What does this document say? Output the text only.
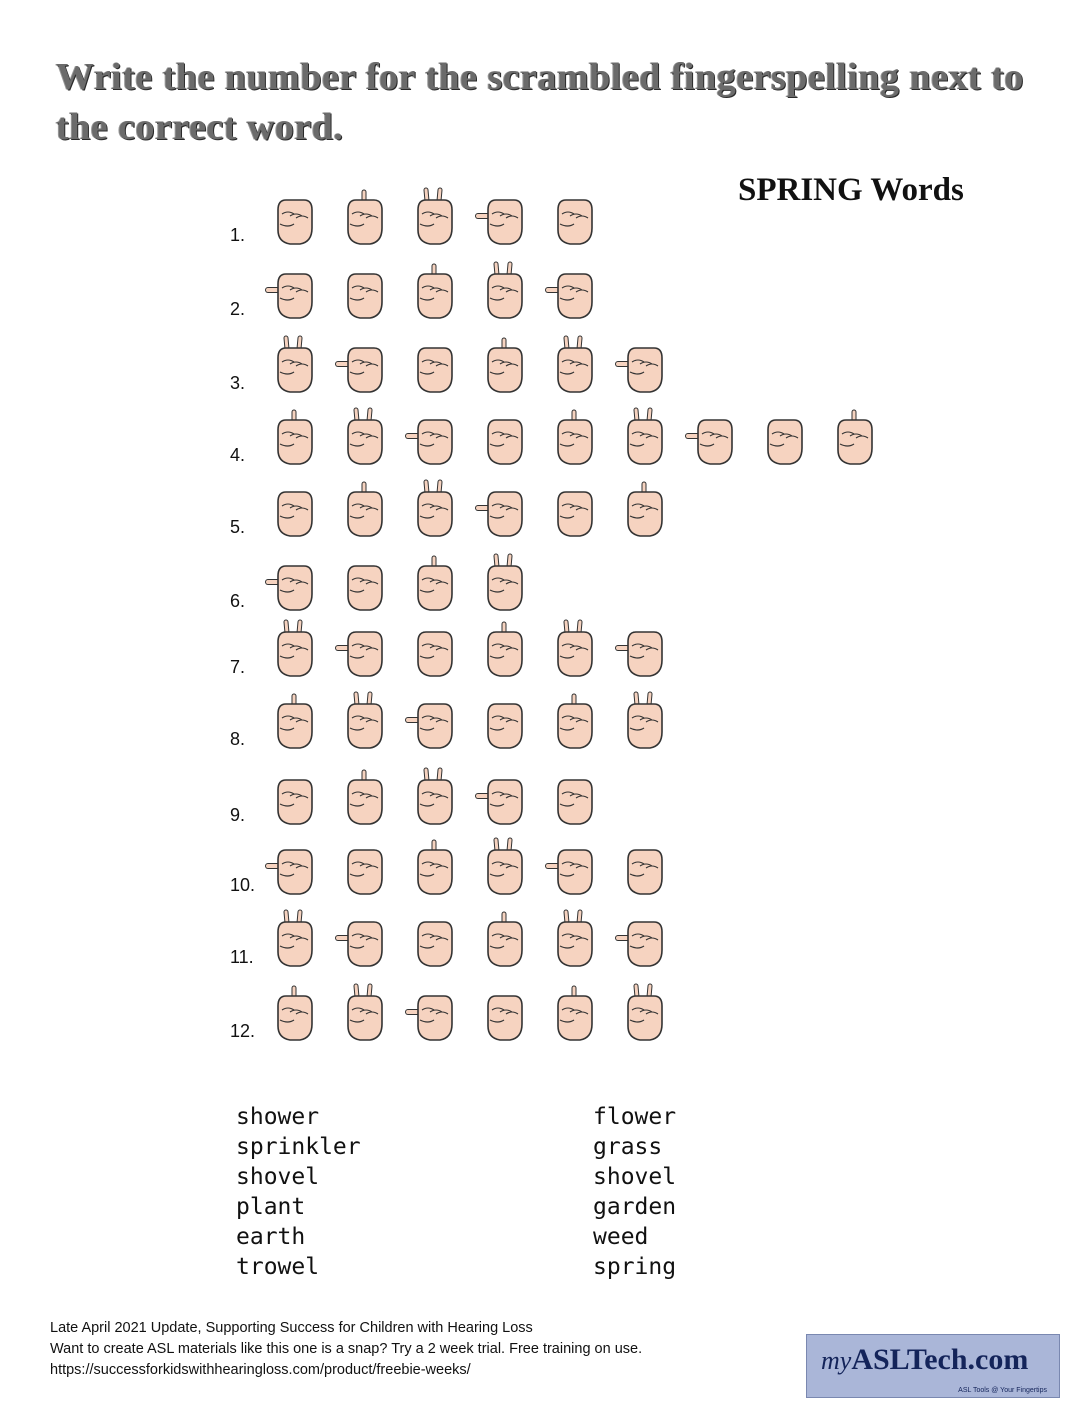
Write the number for the scrambled fingerspelling next to the correct word.
SPRING Words
1.
2.
3.
4.
5.
6.
7.
8.
9.
10.
11.
12.
shower
sprinkler
shovel
plant
earth
trowel
flower
grass
shovel
garden
weed
spring
Late April 2021 Update, Supporting Success for Children with Hearing Loss
Want to create ASL materials like this one is a snap? Try a 2 week trial. Free training on use.
https://successforkidswithhearingloss.com/product/freebie-weeks/	myASLTech.com
ASL Tools @ Your Fingertips
